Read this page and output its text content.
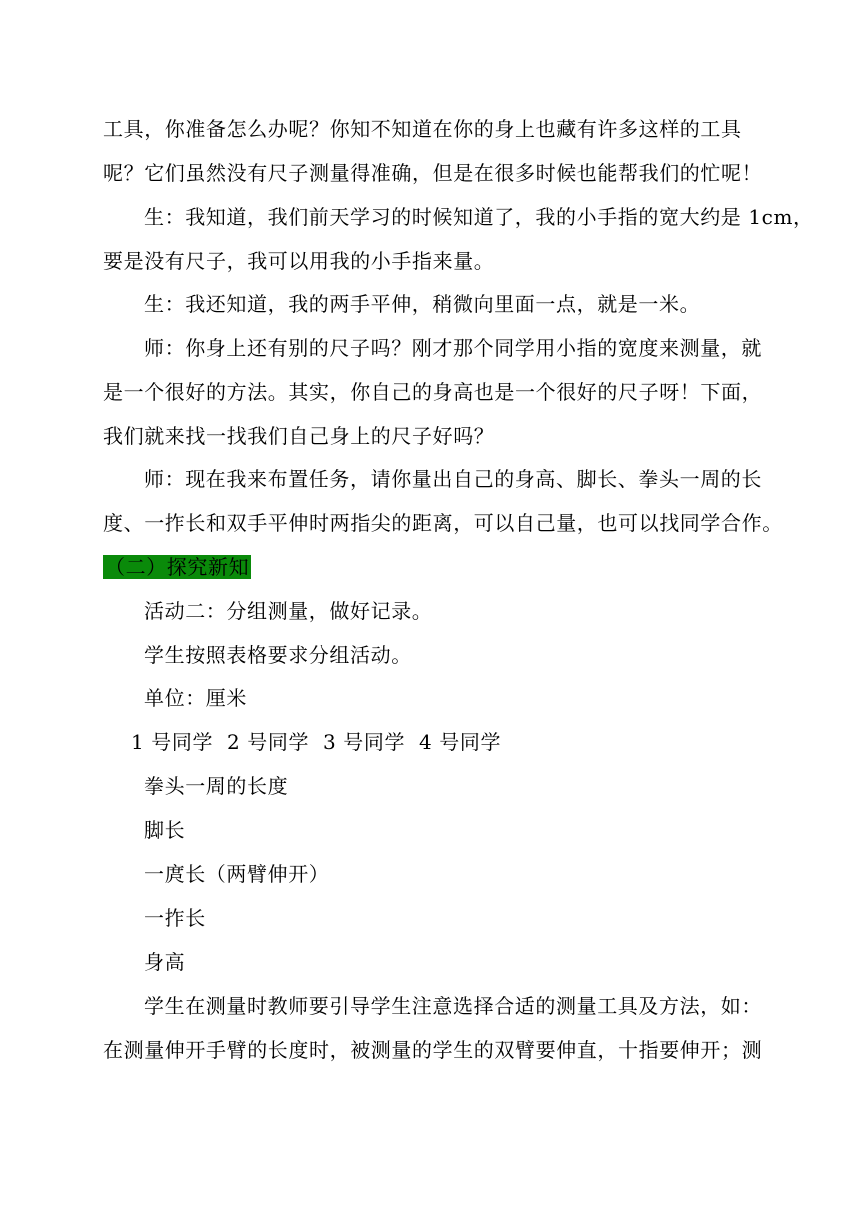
工具，你准备怎么办呢？你知不知道在你的身上也藏有许多这样的工具
呢？它们虽然没有尺子测量得准确，但是在很多时候也能帮我们的忙呢！
生：我知道，我们前天学习的时候知道了，我的小手指的宽大约是 1cm，
要是没有尺子，我可以用我的小手指来量。
生：我还知道，我的两手平伸，稍微向里面一点，就是一米。
师：你身上还有别的尺子吗？刚才那个同学用小指的宽度来测量，就
是一个很好的方法。其实，你自己的身高也是一个很好的尺子呀！下面，
我们就来找一找我们自己身上的尺子好吗？
师：现在我来布置任务，请你量出自己的身高、脚长、拳头一周的长
度、一拃长和双手平伸时两指尖的距离，可以自己量，也可以找同学合作。
（二）探究新知
活动二：分组测量，做好记录。
学生按照表格要求分组活动。
单位：厘米
1 号同学  2 号同学  3 号同学  4 号同学
拳头一周的长度
脚长
一庹长（两臂伸开）
一拃长
身高
学生在测量时教师要引导学生注意选择合适的测量工具及方法，如：
在测量伸开手臂的长度时，被测量的学生的双臂要伸直，十指要伸开；测
